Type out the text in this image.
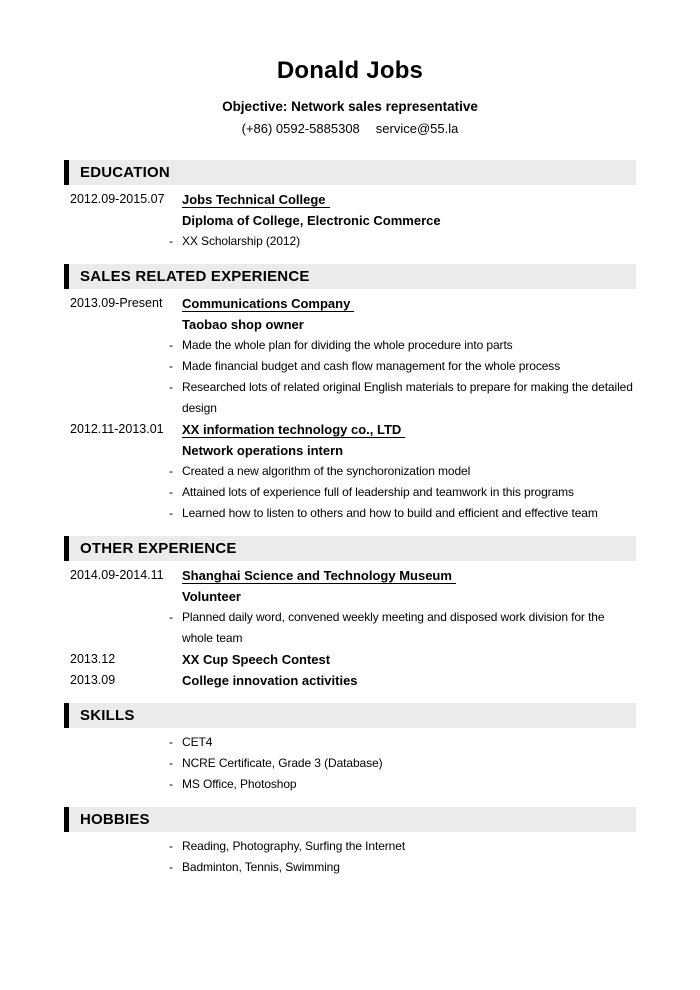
Donald Jobs
Objective: Network sales representative
(+86) 0592-5885308 service@55.la
EDUCATION
2012.09-2015.07	Jobs Technical College
Diploma of College, Electronic Commerce
- XX Scholarship (2012)
SALES RELATED EXPERIENCE
2013.09-Present	Communications Company
Taobao shop owner
- Made the whole plan for dividing the whole procedure into parts
- Made financial budget and cash flow management for the whole process
- Researched lots of related original English materials to prepare for making the detailed design
2012.11-2013.01	XX information technology co., LTD
Network operations intern
- Created a new algorithm of the synchoronization model
- Attained lots of experience full of leadership and teamwork in this programs
- Learned how to listen to others and how to build and efficient and effective team
OTHER EXPERIENCE
2014.09-2014.11	Shanghai Science and Technology Museum
Volunteer
- Planned daily word, convened weekly meeting and disposed work division for the whole team
2013.12	XX Cup Speech Contest
2013.09	College innovation activities
SKILLS
- CET4
- NCRE Certificate, Grade 3 (Database)
- MS Office, Photoshop
HOBBIES
- Reading, Photography, Surfing the Internet
- Badminton, Tennis, Swimming
